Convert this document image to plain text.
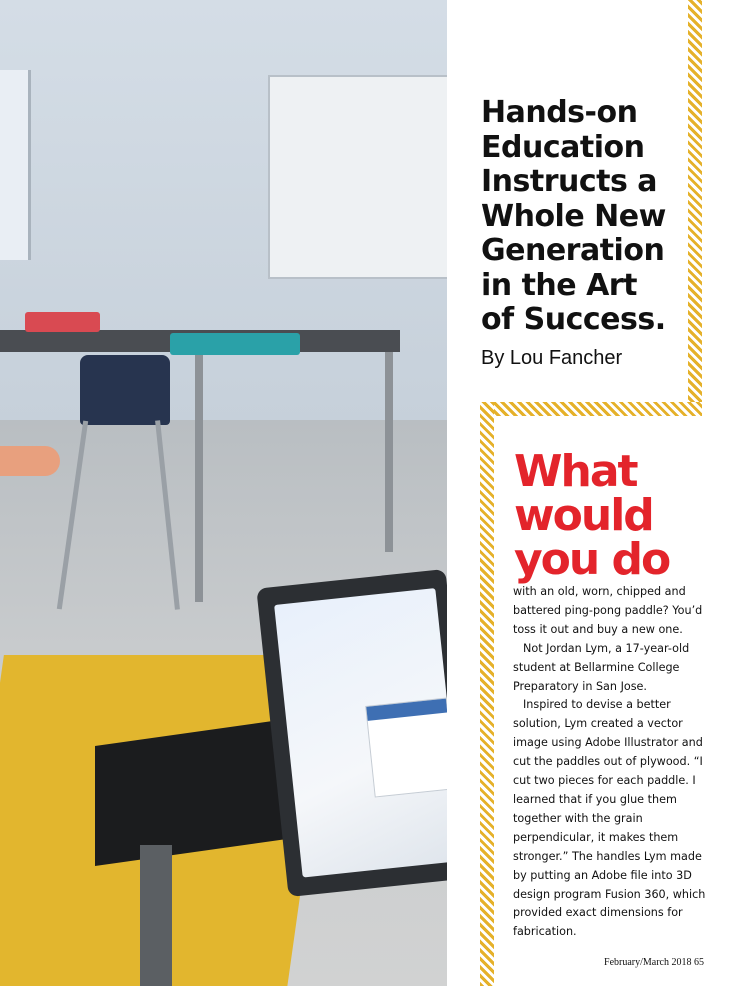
Hands-on
Education
Instructs a
Whole New
Generation
in the Art
of Success.
By Lou Fancher
What
would
you do

with an old, worn, chipped and battered ping-pong paddle? You’d toss it out and buy a new one.

Not Jordan Lym, a 17-year-old student at Bellarmine College Preparatory in San Jose.

Inspired to devise a better solution, Lym created a vector image using Adobe Illustrator and cut the paddles out of plywood. “I cut two pieces for each paddle. I learned that if you glue them together with the grain perpendicular, it makes them stronger.” The handles Lym made by putting an Adobe file into 3D design program Fusion 360, which provided exact dimensions for fabrication.

February/March 2018 65
